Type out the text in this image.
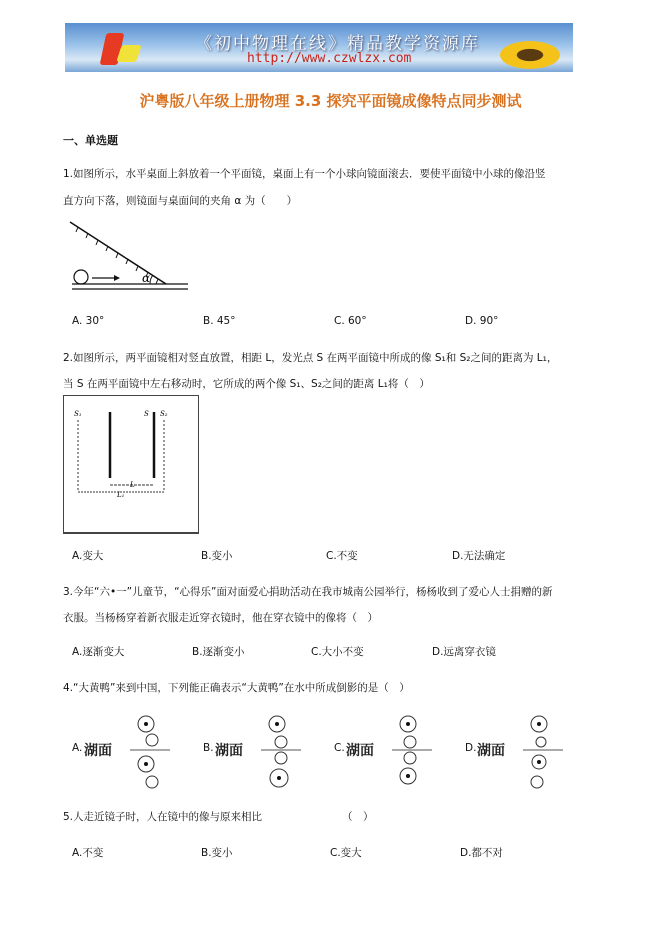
《初中物理在线》精品教学资源库
http://www.czwlzx.com
沪粤版八年级上册物理 3.3 探究平面镜成像特点同步测试
一、单选题
1.如图所示，水平桌面上斜放着一个平面镜，桌面上有一个小球向镜面滚去．要使平面镜中小球的像沿竖
直方向下落，则镜面与桌面间的夹角 α 为（　　）
α
A. 30°	B. 45°	C. 60°	D. 90°
2.如图所示，两平面镜相对竖直放置，相距 L，发光点 S 在两平面镜中所成的像 S₁和 S₂之间的距离为 L₁，
当 S 在两平面镜中左右移动时，它所成的两个像 S₁、S₂之间的距离 L₁将（　）
S₁	S S₂
L
L₁
A.变大	B.变小	C.不变	D.无法确定
3.今年“六•一”儿童节，“心得乐”面对面爱心捐助活动在我市城南公园举行，杨杨收到了爱心人士捐赠的新
衣服。当杨杨穿着新衣服走近穿衣镜时，他在穿衣镜中的像将（　）
A.逐渐变大	B.逐渐变小	C.大小不变	D.远离穿衣镜
4.“大黄鸭”来到中国，下列能正确表示“大黄鸭”在水中所成倒影的是（　）
A. 湖面	B. 湖面	C. 湖面	D. 湖面
5.人走近镜子时，人在镜中的像与原来相比	（　）
A.不变	B.变小	C.变大	D.都不对
